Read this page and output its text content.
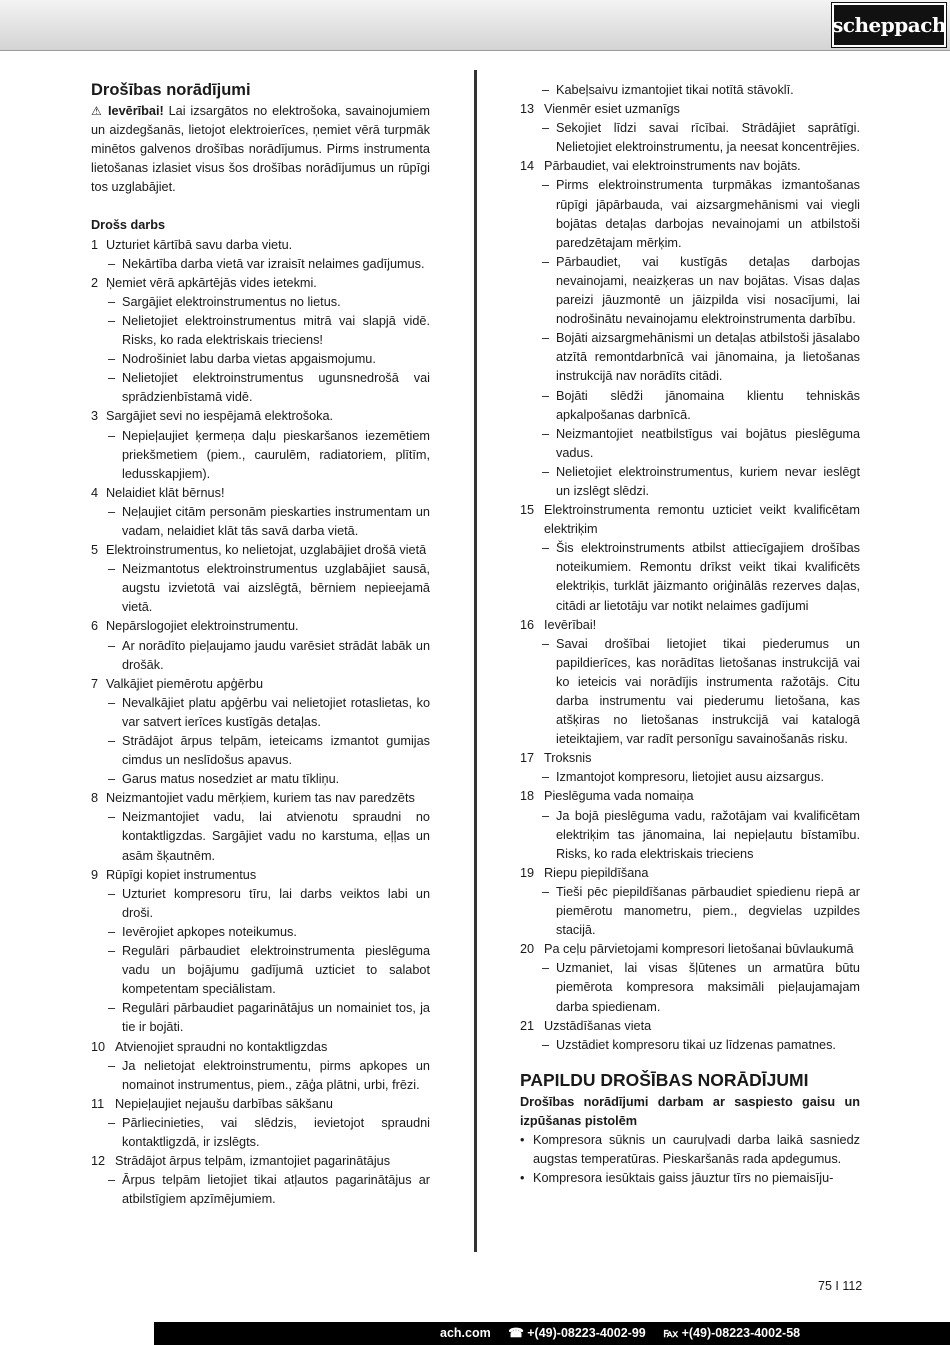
scheppach
Drošības norādījumi

⚠ Ievērībai! Lai izsargātos no elektrošoka, savainojumiem un aizdegšanās, lietojot elektroierīces, ņemiet vērā turpmāk minētos galvenos drošības norādījumus. Pirms instrumenta lietošanas izlasiet visus šos drošības norādījumus un rūpīgi tos uzglabājiet.

Drošs darbs
1 Uzturiet kārtībā savu darba vietu.
– Nekārtība darba vietā var izraisīt nelaimes gadījumus.
2 Ņemiet vērā apkārtējās vides ietekmi.
– Sargājiet elektroinstrumentus no lietus.
– Nelietojiet elektroinstrumentus mitrā vai slapjā vidē. Risks, ko rada elektriskais trieciens!
– Nodrošiniet labu darba vietas apgaismojumu.
– Nelietojiet elektroinstrumentus ugunsnedrošā vai sprādzienbīstamā vidē.
3 Sargājiet sevi no iespējamā elektrošoka.
– Nepieļaujiet ķermeņa daļu pieskaršanos iezemētiem priekšmetiem (piem., caurulēm, radiatoriem, plītīm, ledusskapjiem).
4 Nelaidiet klāt bērnus!
– Neļaujiet citām personām pieskarties instrumentam un vadam, nelaidiet klāt tās savā darba vietā.
5 Elektroinstrumentus, ko nelietojat, uzglabājiet drošā vietā
– Neizmantotus elektroinstrumentus uzglabājiet sausā, augstu izvietotā vai aizslēgtā, bērniem nepieejamā vietā.
6 Nepārslogojiet elektroinstrumentu.
– Ar norādīto pieļaujamo jaudu varēsiet strādāt labāk un drošāk.
7 Valkājiet piemērotu apģērbu
– Nevalkājiet platu apģērbu vai nelietojiet rotaslietas, ko var satvert ierīces kustīgās detaļas.
– Strādājot ārpus telpām, ieteicams izmantot gumijas cimdus un neslīdošus apavus.
– Garus matus nosedziet ar matu tīkliņu.
8 Neizmantojiet vadu mērķiem, kuriem tas nav paredzēts
– Neizmantojiet vadu, lai atvienotu spraudni no kontaktligzdas. Sargājiet vadu no karstuma, eļļas un asām šķautnēm.
9 Rūpīgi kopiet instrumentus
– Uzturiet kompresoru tīru, lai darbs veiktos labi un droši.
– Ievērojiet apkopes noteikumus.
– Regulāri pārbaudiet elektroinstrumenta pieslēguma vadu un bojājumu gadījumā uzticiet to salabot kompetentam speciālistam.
– Regulāri pārbaudiet pagarinātājus un nomainiet tos, ja tie ir bojāti.
10 Atvienojiet spraudni no kontaktligzdas
– Ja nelietojat elektroinstrumentu, pirms apkopes un nomainot instrumentus, piem., zāģa plātni, urbi, frēzi.
11 Nepieļaujiet nejaušu darbības sākšanu
– Pārliecinieties, vai slēdzis, ievietojot spraudni kontaktligzdā, ir izslēgts.
12 Strādājot ārpus telpām, izmantojiet pagarinātājus
– Ārpus telpām lietojiet tikai atļautos pagarinātājus ar atbilstīgiem apzīmējumiem.
– Kabeļsaivu izmantojiet tikai notītā stāvoklī.
13 Vienmēr esiet uzmanīgs
– Sekojiet līdzi savai rīcībai. Strādājiet saprātīgi. Nelietojiet elektroinstrumentu, ja neesat koncentrējies.
14 Pārbaudiet, vai elektroinstruments nav bojāts.
– Pirms elektroinstrumenta turpmākas izmantošanas rūpīgi jāpārbauda, vai aizsargmehānismi vai viegli bojātas detaļas darbojas nevainojami un atbilstoši paredzētajam mērķim.
– Pārbaudiet, vai kustīgās detaļas darbojas nevainojami, neaizķeras un nav bojātas. Visas daļas pareizi jāuzmontē un jāizpilda visi nosacījumi, lai nodrošinātu nevainojamu elektroinstrumenta darbību.
– Bojāti aizsargmehānismi un detaļas atbilstoši jāsalabo atzītā remontdarbnīcā vai jānomaina, ja lietošanas instrukcijā nav norādīts citādi.
– Bojāti slēdži jānomaina klientu tehniskās apkalpošanas darbnīcā.
– Neizmantojiet neatbilstīgus vai bojātus pieslēguma vadus.
– Nelietojiet elektroinstrumentus, kuriem nevar ieslēgt un izslēgt slēdzi.
15 Elektroinstrumenta remontu uzticiet veikt kvalificētam elektriķim
– Šis elektroinstruments atbilst attiecīgajiem drošības noteikumiem. Remontu drīkst veikt tikai kvalificēts elektriķis, turklāt jāizmanto oriģinālās rezerves daļas, citādi ar lietotāju var notikt nelaimes gadījumi
16 Ievērībai!
– Savai drošībai lietojiet tikai piederumus un papildierīces, kas norādītas lietošanas instrukcijā vai ko ieteicis vai norādījis instrumenta ražotājs. Citu darba instrumentu vai piederumu lietošana, kas atšķiras no lietošanas instrukcijā vai katalogā ieteiktajiem, var radīt personīgu savainošanās risku.
17 Troksnis
– Izmantojot kompresoru, lietojiet ausu aizsargus.
18 Pieslēguma vada nomaiņa
– Ja bojā pieslēguma vadu, ražotājam vai kvalificētam elektriķim tas jānomaina, lai nepieļautu bīstamību. Risks, ko rada elektriskais trieciens
19 Riepu piepildīšana
– Tieši pēc piepildīšanas pārbaudiet spiedienu riepā ar piemērotu manometru, piem., degvielas uzpildes stacijā.
20 Pa ceļu pārvietojami kompresori lietošanai būvlaukumā
– Uzmaniet, lai visas šļūtenes un armatūra būtu piemērota kompresora maksimāli pieļaujamajam darba spiedienam.
21 Uzstādīšanas vieta
– Uzstādiet kompresoru tikai uz līdzenas pamatnes.
PAPILDU DROŠĪBAS NORĀDĪJUMI
Drošības norādījumi darbam ar saspiesto gaisu un izpūšanas pistolēm
• Kompresora sūknis un cauruļvadi darba laikā sasniedz augstas temperatūras. Pieskaršanās rada apdegumus.
• Kompresora iesūktais gaiss jāuztur tīrs no piemaisīju-
75 I 112
ach.com ☎ +(49)-08223-4002-99 ℻ +(49)-08223-4002-58
